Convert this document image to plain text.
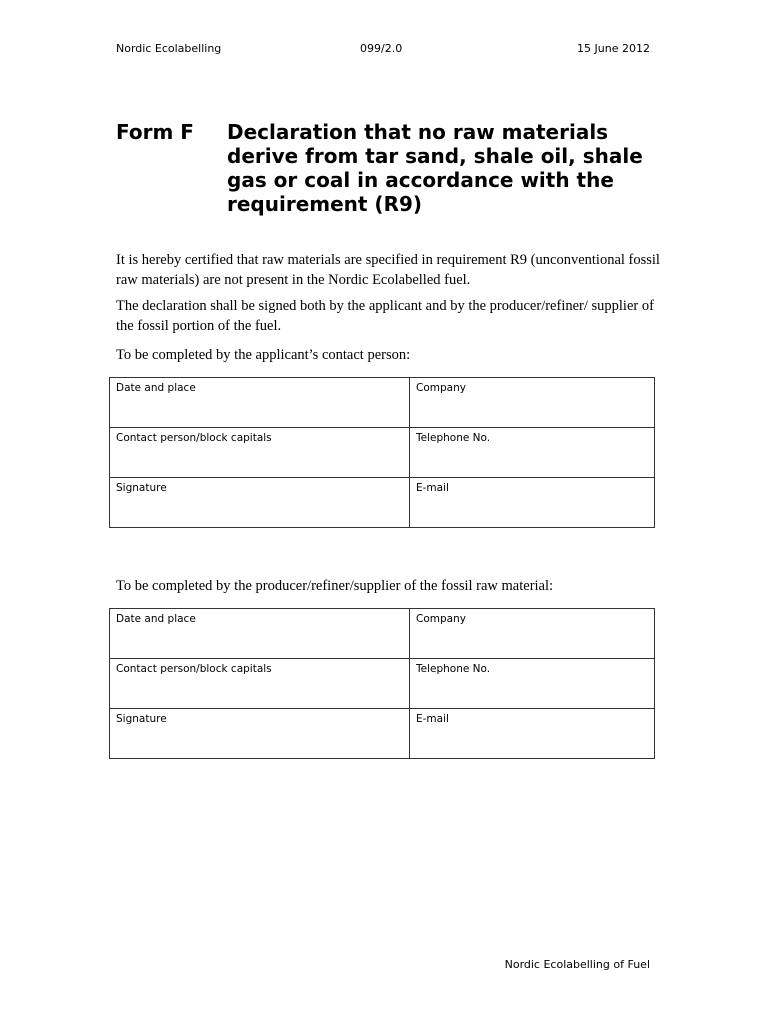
Nordic Ecolabelling	099/2.0	15 June 2012
Form F Declaration that no raw materials derive from tar sand, shale oil, shale gas or coal in accordance with the requirement (R9)

It is hereby certified that raw materials are specified in requirement R9 (unconventional fossil raw materials) are not present in the Nordic Ecolabelled fuel.

The declaration shall be signed both by the applicant and by the producer/refiner/ supplier of the fossil portion of the fuel.

To be completed by the applicant’s contact person:

Date and place	Company
Contact person/block capitals	Telephone No.
Signature	E-mail

To be completed by the producer/refiner/supplier of the fossil raw material:

Date and place	Company
Contact person/block capitals	Telephone No.
Signature	E-mail
Nordic Ecolabelling of Fuel
